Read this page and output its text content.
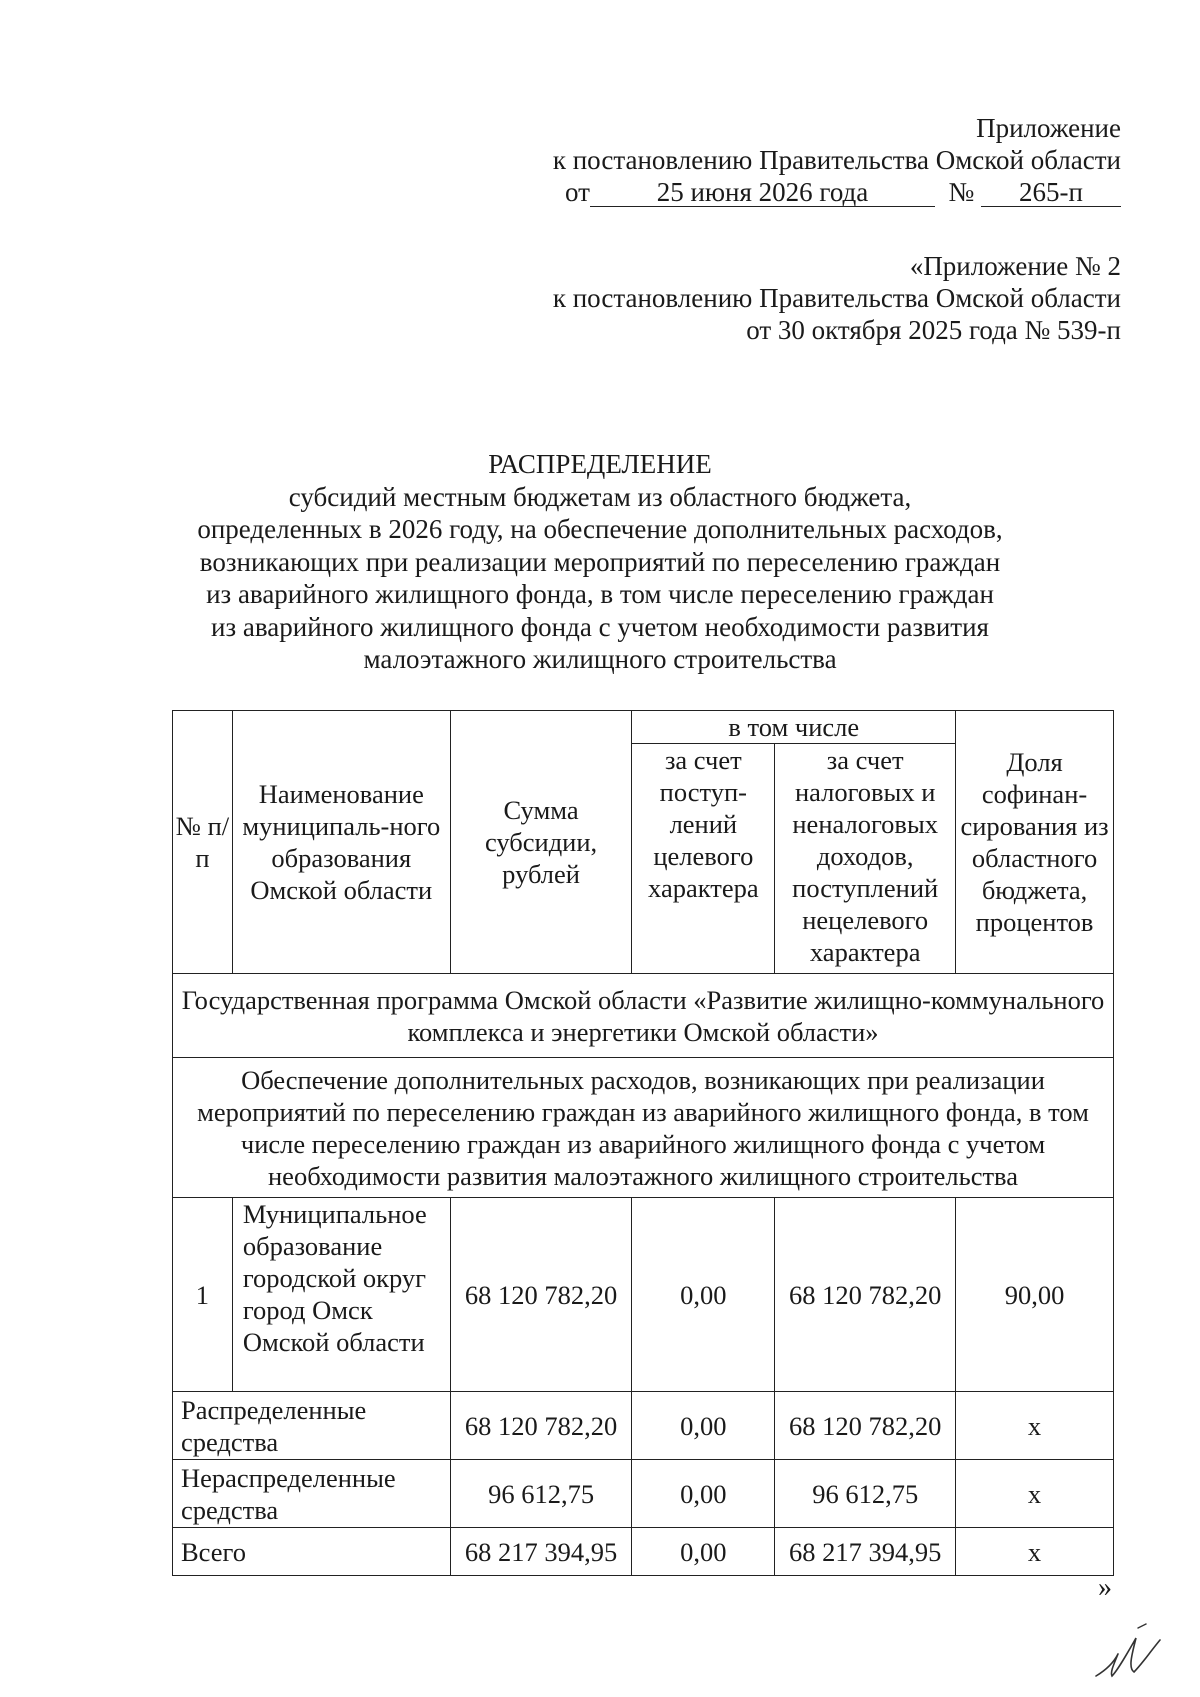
Приложение
к постановлению Правительства Омской области
от 25 июня 2026 года	№ 265-п
«Приложение № 2
к постановлению Правительства Омской области
от 30 октября 2025 года № 539-п
РАСПРЕДЕЛЕНИЕ
субсидий местным бюджетам из областного бюджета,
определенных в 2026 году, на обеспечение дополнительных расходов,
возникающих при реализации мероприятий по переселению граждан
из аварийного жилищного фонда, в том числе переселению граждан
из аварийного жилищного фонда с учетом необходимости развития
малоэтажного жилищного строительства
№ п/п	Наименование муниципаль-ного образования Омской области	Сумма субсидии, рублей	в том числе		Доля софинан-сирования из областного бюджета, процентов
			за счет поступ-лений целевого характера	за счет налоговых и неналоговых доходов, поступлений нецелевого характера	
Государственная программа Омской области «Развитие жилищно-коммунального комплекса и энергетики Омской области»					
Обеспечение дополнительных расходов, возникающих при реализации мероприятий по переселению граждан из аварийного жилищного фонда, в том числе переселению граждан из аварийного жилищного фонда с учетом необходимости развития малоэтажного жилищного строительства					
1	Муниципальное образование городской округ город Омск Омской области	68 120 782,20	0,00	68 120 782,20	90,00
Распределенные средства		68 120 782,20	0,00	68 120 782,20	х
Нераспределенные средства		96 612,75	0,00	96 612,75	х
Всего		68 217 394,95	0,00	68 217 394,95	х
»
